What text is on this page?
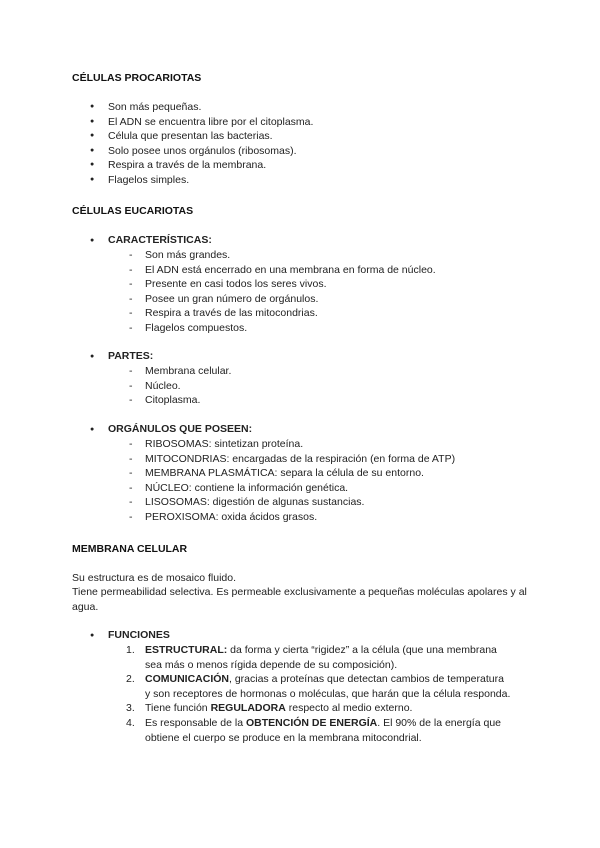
CÉLULAS PROCARIOTAS
● Son más pequeñas.
● El ADN se encuentra libre por el citoplasma.
● Célula que presentan las bacterias.
● Solo posee unos orgánulos (ribosomas).
● Respira a través de la membrana.
● Flagelos simples.
CÉLULAS EUCARIOTAS
● CARACTERÍSTICAS:
- Son más grandes.
- El ADN está encerrado en una membrana en forma de núcleo.
- Presente en casi todos los seres vivos.
- Posee un gran número de orgánulos.
- Respira a través de las mitocondrias.
- Flagelos compuestos.
● PARTES:
- Membrana celular.
- Núcleo.
- Citoplasma.
● ORGÁNULOS QUE POSEEN:
- RIBOSOMAS: sintetizan proteína.
- MITOCONDRIAS: encargadas de la respiración (en forma de ATP)
- MEMBRANA PLASMÁTICA: separa la célula de su entorno.
- NÚCLEO: contiene la información genética.
- LISOSOMAS: digestión de algunas sustancias.
- PEROXISOMA: oxida ácidos grasos.
MEMBRANA CELULAR
Su estructura es de mosaico fluido.
Tiene permeabilidad selectiva. Es permeable exclusivamente a pequeñas moléculas apolares y al agua.
● FUNCIONES
1. ESTRUCTURAL: da forma y cierta “rigidez” a la célula (que una membrana sea más o menos rígida depende de su composición).
2. COMUNICACIÓN, gracias a proteínas que detectan cambios de temperatura y son receptores de hormonas o moléculas, que harán que la célula responda.
3. Tiene función REGULADORA respecto al medio externo.
4. Es responsable de la OBTENCIÓN DE ENERGÍA. El 90% de la energía que obtiene el cuerpo se produce en la membrana mitocondrial.
